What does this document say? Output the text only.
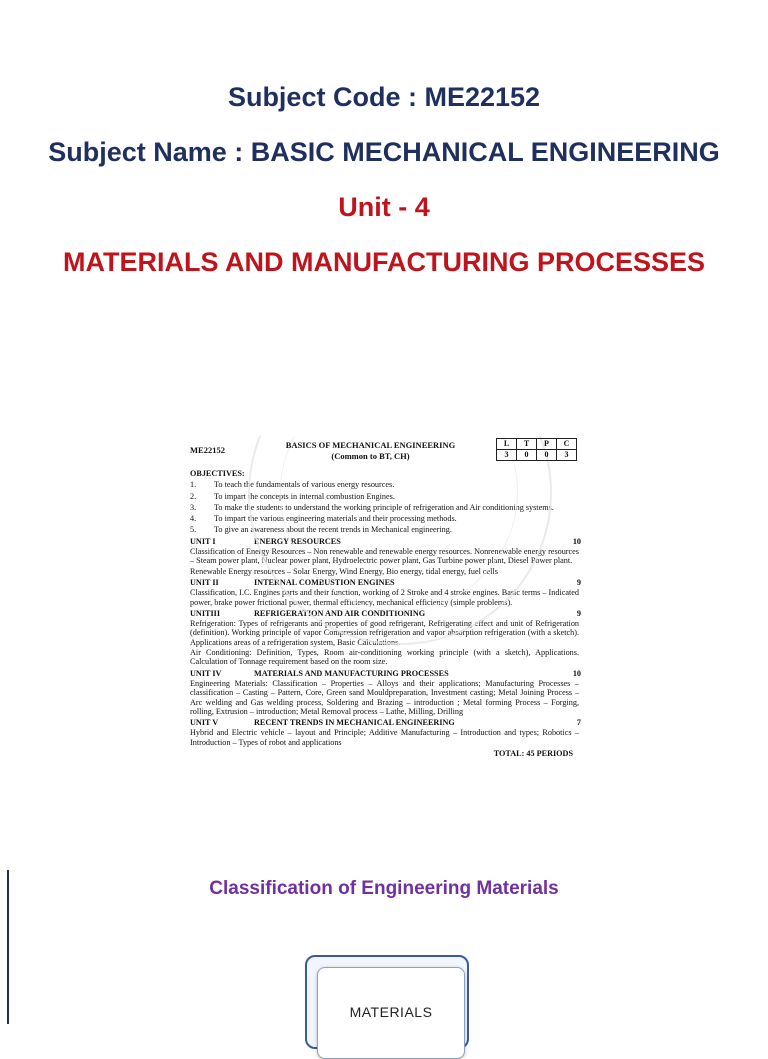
Subject Code : ME22152
Subject Name : BASIC MECHANICAL ENGINEERING
Unit - 4
MATERIALS AND MANUFACTURING PROCESSES
ME22152	BASICS OF MECHANICAL ENGINEERING
(Common to BT, CH)
L	T	P	C
3	0	0	3
OBJECTIVES:
1.	To teach the fundamentals of various energy resources.
2.	To impart the concepts in internal combustion Engines.
3.	To make the students to understand the working principle of refrigeration and Air conditioning systems.
4.	To impart the various engineering materials and their processing methods.
5.	To give an awareness about the recent trends in Mechanical engineering.
UNIT I	ENERGY RESOURCES	10
Classification of Energy Resources – Non renewable and renewable energy resources. Nonrenewable energy resources – Steam power plant, Nuclear power plant, Hydroelectric power plant, Gas Turbine power plant, Diesel Power plant.
Renewable Energy resources – Solar Energy, Wind Energy, Bio energy, tidal energy, fuel cells
UNIT II	INTERNAL COMBUSTION ENGINES	9
Classification, I.C. Engines parts and their function, working of 2 Stroke and 4 stroke engines. Basic terms – Indicated power, brake power frictional power, thermal efficiency, mechanical efficiency (simple problems).
UNITIII	REFRIGERATION AND AIR CONDITIONING	9
Refrigeration: Types of refrigerants and properties of good refrigerant, Refrigerating effect and unit of Refrigeration (definition). Working principle of vapor Compression refrigeration and vapor absorption refrigeration (with a sketch). Applications areas of a refrigeration system, Basic Calculations.
Air Conditioning: Definition, Types, Room air-conditioning working principle (with a sketch), Applications. Calculation of Tonnage requirement based on the room size.
UNIT IV	MATERIALS AND MANUFACTURING PROCESSES	10
Engineering Materials: Classification – Properties – Alloys and their applications; Manufacturing Processes – classification – Casting – Pattern, Core, Green sand Mouldpreparation, Investment casting; Metal Joining Process – Arc welding and Gas welding process, Soldering and Brazing – introduction ; Metal forming Process – Forging, rolling, Extrusion – introduction; Metal Removal process – Lathe, Milling, Drilling
UNIT V	RECENT TRENDS IN MECHANICAL ENGINEERING	7
Hybrid and Electric vehicle – layout and Principle; Additive Manufacturing – Introduction and types; Robotics – Introduction – Types of robot and applications
TOTAL: 45 PERIODS
Classification of Engineering Materials
MATERIALS
